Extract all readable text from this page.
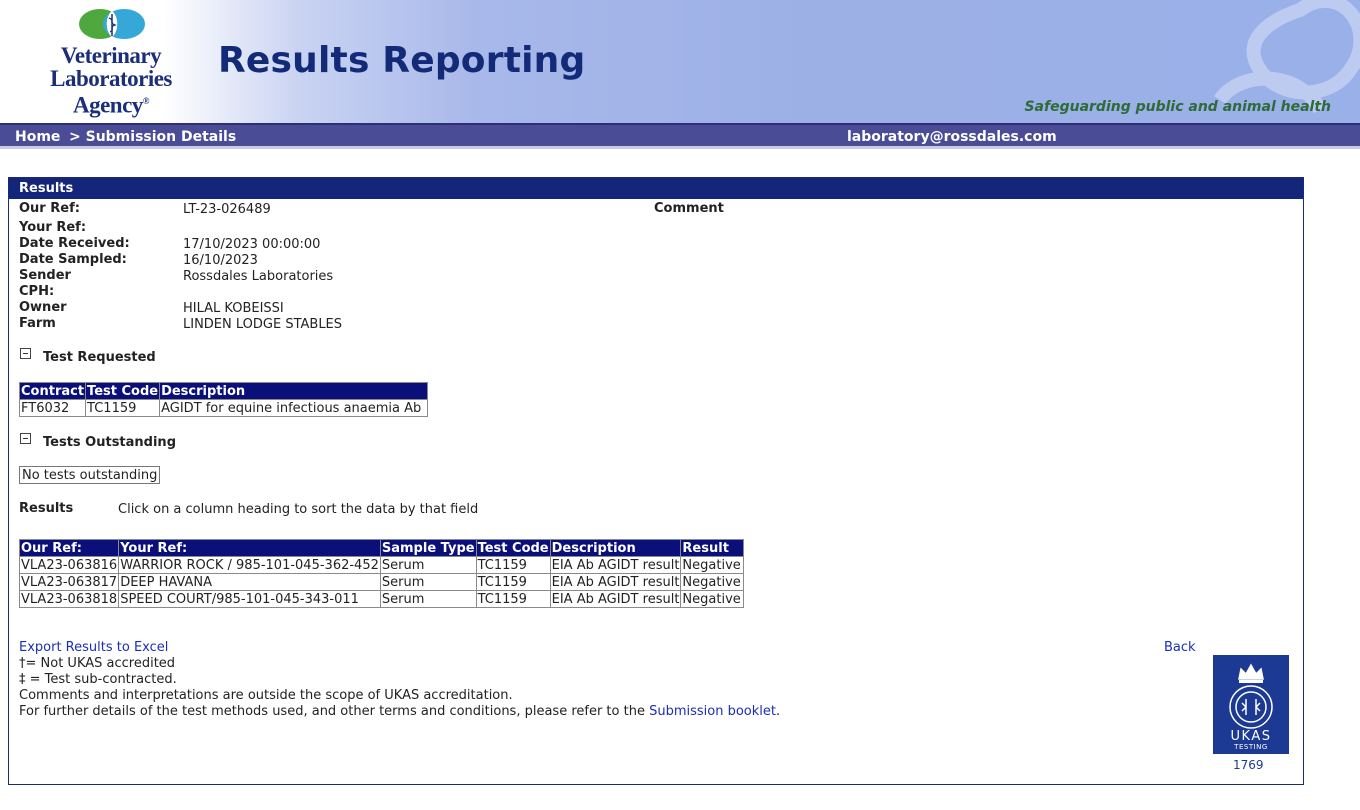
Veterinary
Laboratories
Agency®
Results Reporting
Safeguarding public and animal health
Home > Submission Details	laboratory@rossdales.com
Results
Our Ref:	LT-23-026489	Comment
Your Ref:
Date Received:	17/10/2023 00:00:00
Date Sampled:	16/10/2023
Sender	Rossdales Laboratories
CPH:
Owner	HILAL KOBEISSI
Farm	LINDEN LODGE STABLES
Test Requested
Contract	Test Code	Description
FT6032	TC1159	AGIDT for equine infectious anaemia Ab
Tests Outstanding
No tests outstanding
Results	Click on a column heading to sort the data by that field
Our Ref:	Your Ref:	Sample Type	Test Code	Description	Result
VLA23-063816	WARRIOR ROCK / 985-101-045-362-452	Serum	TC1159	EIA Ab AGIDT result	Negative
VLA23-063817	DEEP HAVANA	Serum	TC1159	EIA Ab AGIDT result	Negative
VLA23-063818	SPEED COURT/985-101-045-343-011	Serum	TC1159	EIA Ab AGIDT result	Negative
Export Results to Excel	Back
†= Not UKAS accredited
‡ = Test sub-contracted.
Comments and interpretations are outside the scope of UKAS accreditation.
For further details of the test methods used, and other terms and conditions, please refer to the Submission booklet.
UKAS
TESTING
1769
